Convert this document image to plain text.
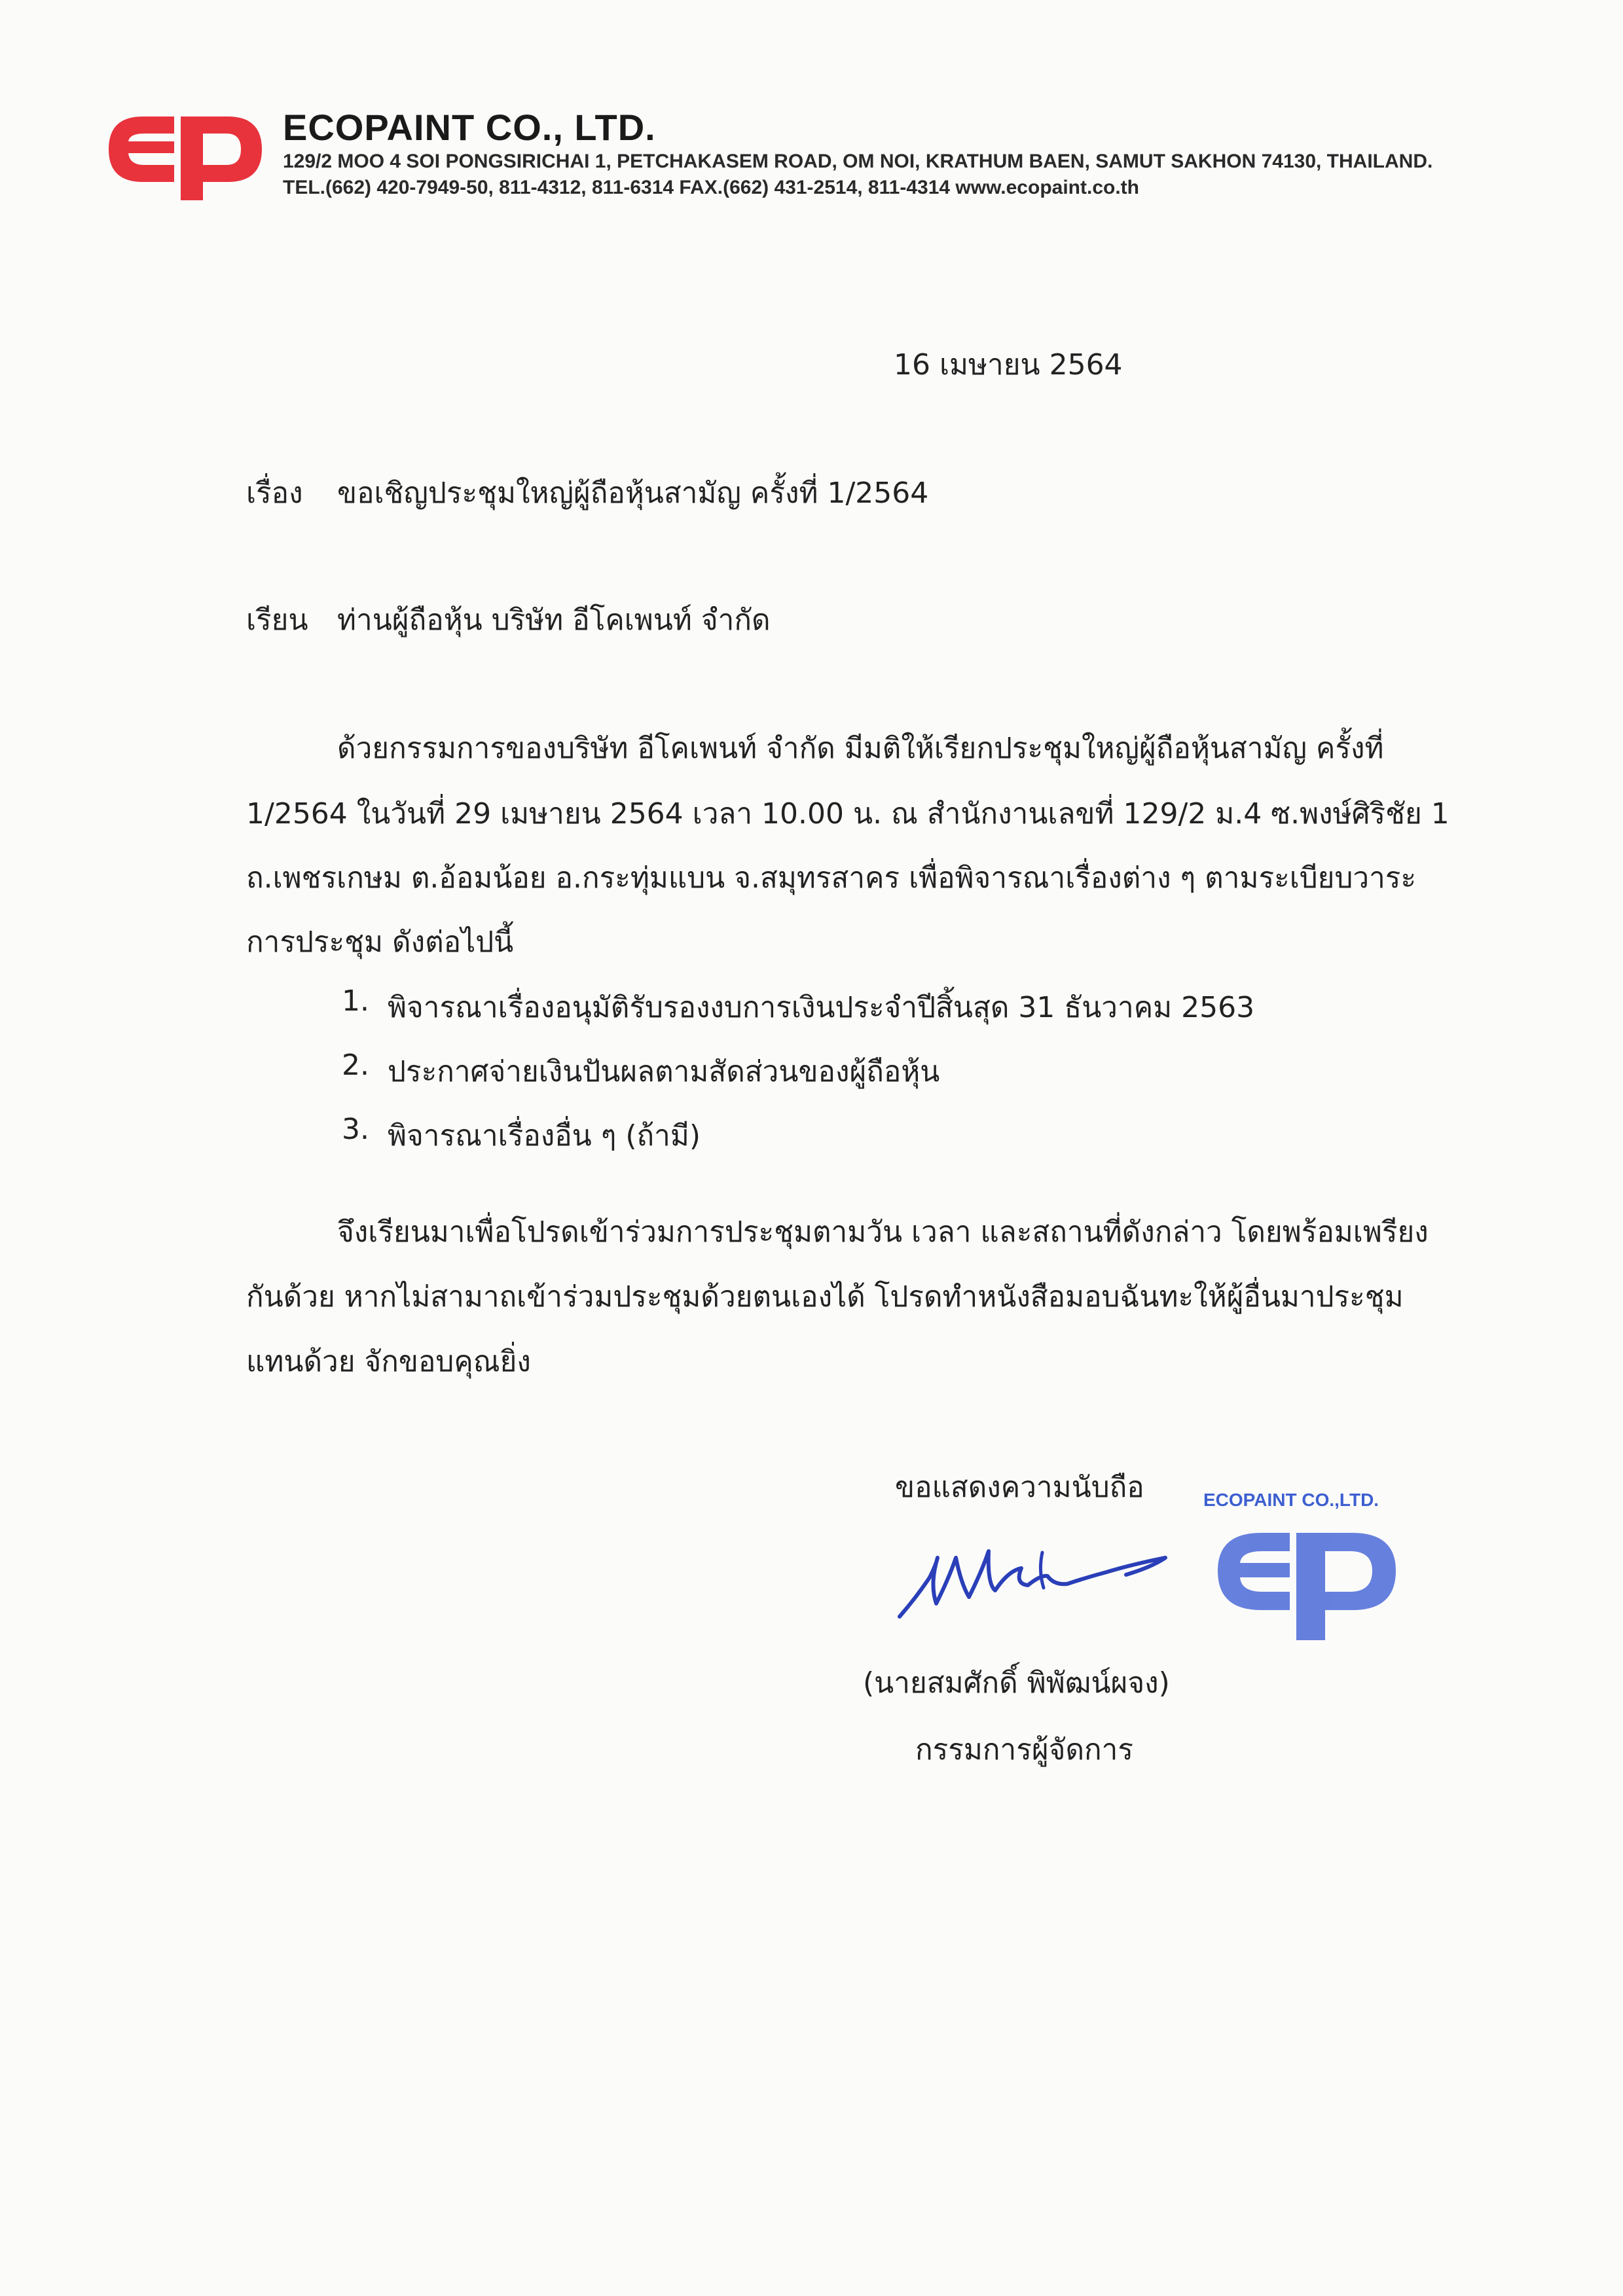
ECOPAINT CO., LTD.
129/2 MOO 4 SOI PONGSIRICHAI 1, PETCHAKASEM ROAD, OM NOI, KRATHUM BAEN, SAMUT SAKHON 74130, THAILAND.
TEL.(662) 420-7949-50, 811-4312, 811-6314 FAX.(662) 431-2514, 811-4314 www.ecopaint.co.th
16 เมษายน 2564
เรื่อง ขอเชิญประชุมใหญ่ผู้ถือหุ้นสามัญ ครั้งที่ 1/2564
เรียน ท่านผู้ถือหุ้น บริษัท อีโคเพนท์ จำกัด
ด้วยกรรมการของบริษัท อีโคเพนท์ จำกัด มีมติให้เรียกประชุมใหญ่ผู้ถือหุ้นสามัญ ครั้งที่
1/2564 ในวันที่ 29 เมษายน 2564 เวลา 10.00 น. ณ สำนักงานเลขที่ 129/2 ม.4 ซ.พงษ์ศิริชัย 1
ถ.เพชรเกษม ต.อ้อมน้อย อ.กระทุ่มแบน จ.สมุทรสาคร เพื่อพิจารณาเรื่องต่าง ๆ ตามระเบียบวาระ
การประชุม ดังต่อไปนี้
1. พิจารณาเรื่องอนุมัติรับรองงบการเงินประจำปีสิ้นสุด 31 ธันวาคม 2563
2. ประกาศจ่ายเงินปันผลตามสัดส่วนของผู้ถือหุ้น
3. พิจารณาเรื่องอื่น ๆ (ถ้ามี)
จึงเรียนมาเพื่อโปรดเข้าร่วมการประชุมตามวัน เวลา และสถานที่ดังกล่าว โดยพร้อมเพรียง
กันด้วย หากไม่สามาถเข้าร่วมประชุมด้วยตนเองได้ โปรดทำหนังสือมอบฉันทะให้ผู้อื่นมาประชุม
แทนด้วย จักขอบคุณยิ่ง
ขอแสดงความนับถือ	ECOPAINT CO.,LTD.
(นายสมศักดิ์ พิพัฒน์ผจง)
กรรมการผู้จัดการ
